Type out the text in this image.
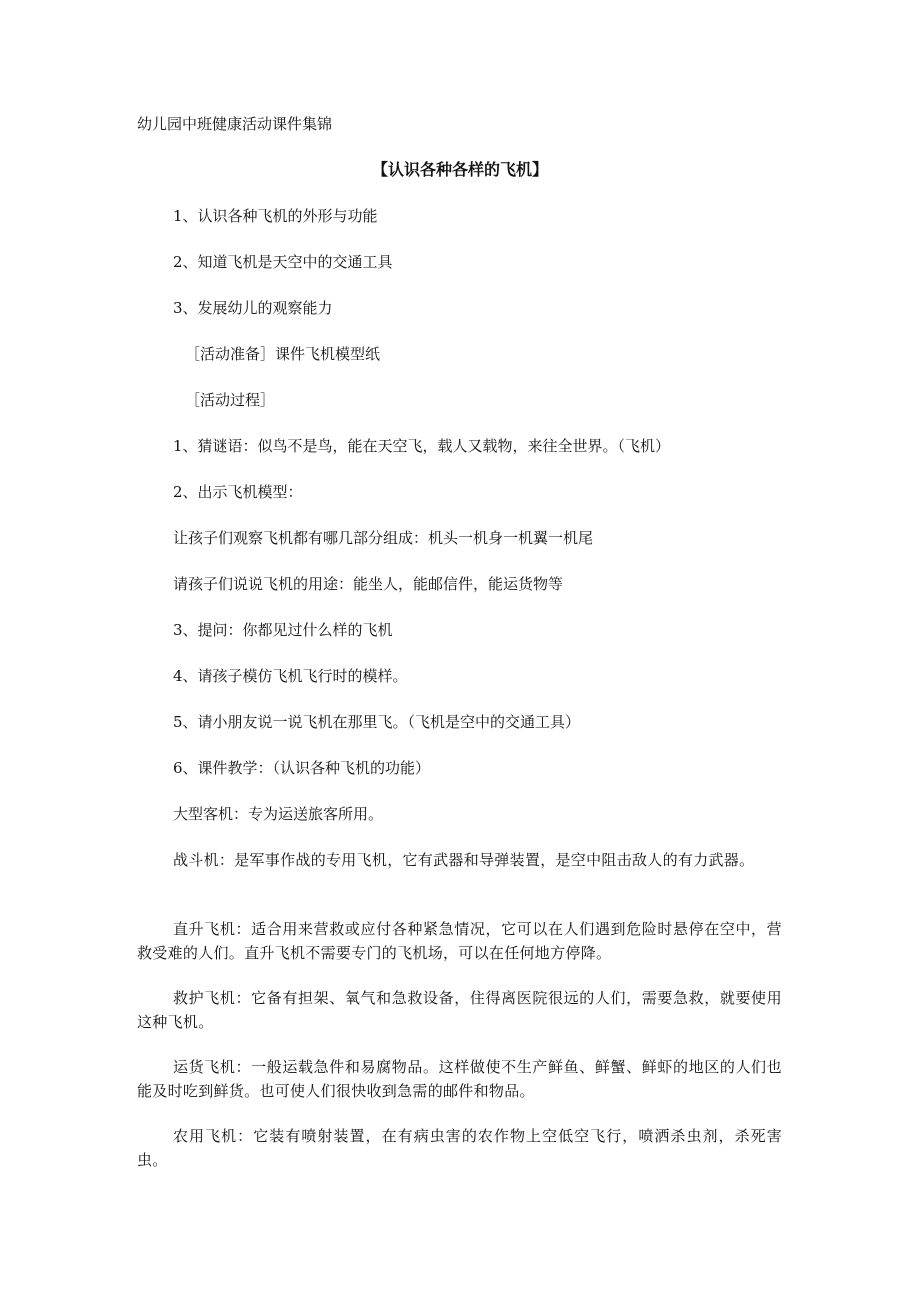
幼儿园中班健康活动课件集锦
【认识各种各样的飞机】
1、认识各种飞机的外形与功能
2、知道飞机是天空中的交通工具
3、发展幼儿的观察能力
［活动准备］课件飞机模型纸
［活动过程］
1、猜谜语：似鸟不是鸟，能在天空飞，载人又载物，来往全世界。（飞机）
2、出示飞机模型：
让孩子们观察飞机都有哪几部分组成：机头一机身一机翼一机尾
请孩子们说说飞机的用途：能坐人，能邮信件，能运货物等
3、提问：你都见过什么样的飞机
4、请孩子模仿飞机飞行时的模样。
5、请小朋友说一说飞机在那里飞。（飞机是空中的交通工具）
6、课件教学：（认识各种飞机的功能）
大型客机：专为运送旅客所用。
战斗机：是军事作战的专用飞机，它有武器和导弹装置，是空中阻击敌人的有力武器。
直升飞机：适合用来营救或应付各种紧急情况，它可以在人们遇到危险时悬停在空中，营救受难的人们。直升飞机不需要专门的飞机场，可以在任何地方停降。
救护飞机：它备有担架、氧气和急救设备，住得离医院很远的人们，需要急救，就要使用这种飞机。
运货飞机：一般运载急件和易腐物品。这样做使不生产鲜鱼、鲜蟹、鲜虾的地区的人们也能及时吃到鲜货。也可使人们很快收到急需的邮件和物品。
农用飞机：它装有喷射装置，在有病虫害的农作物上空低空飞行，喷洒杀虫剂，杀死害虫。
